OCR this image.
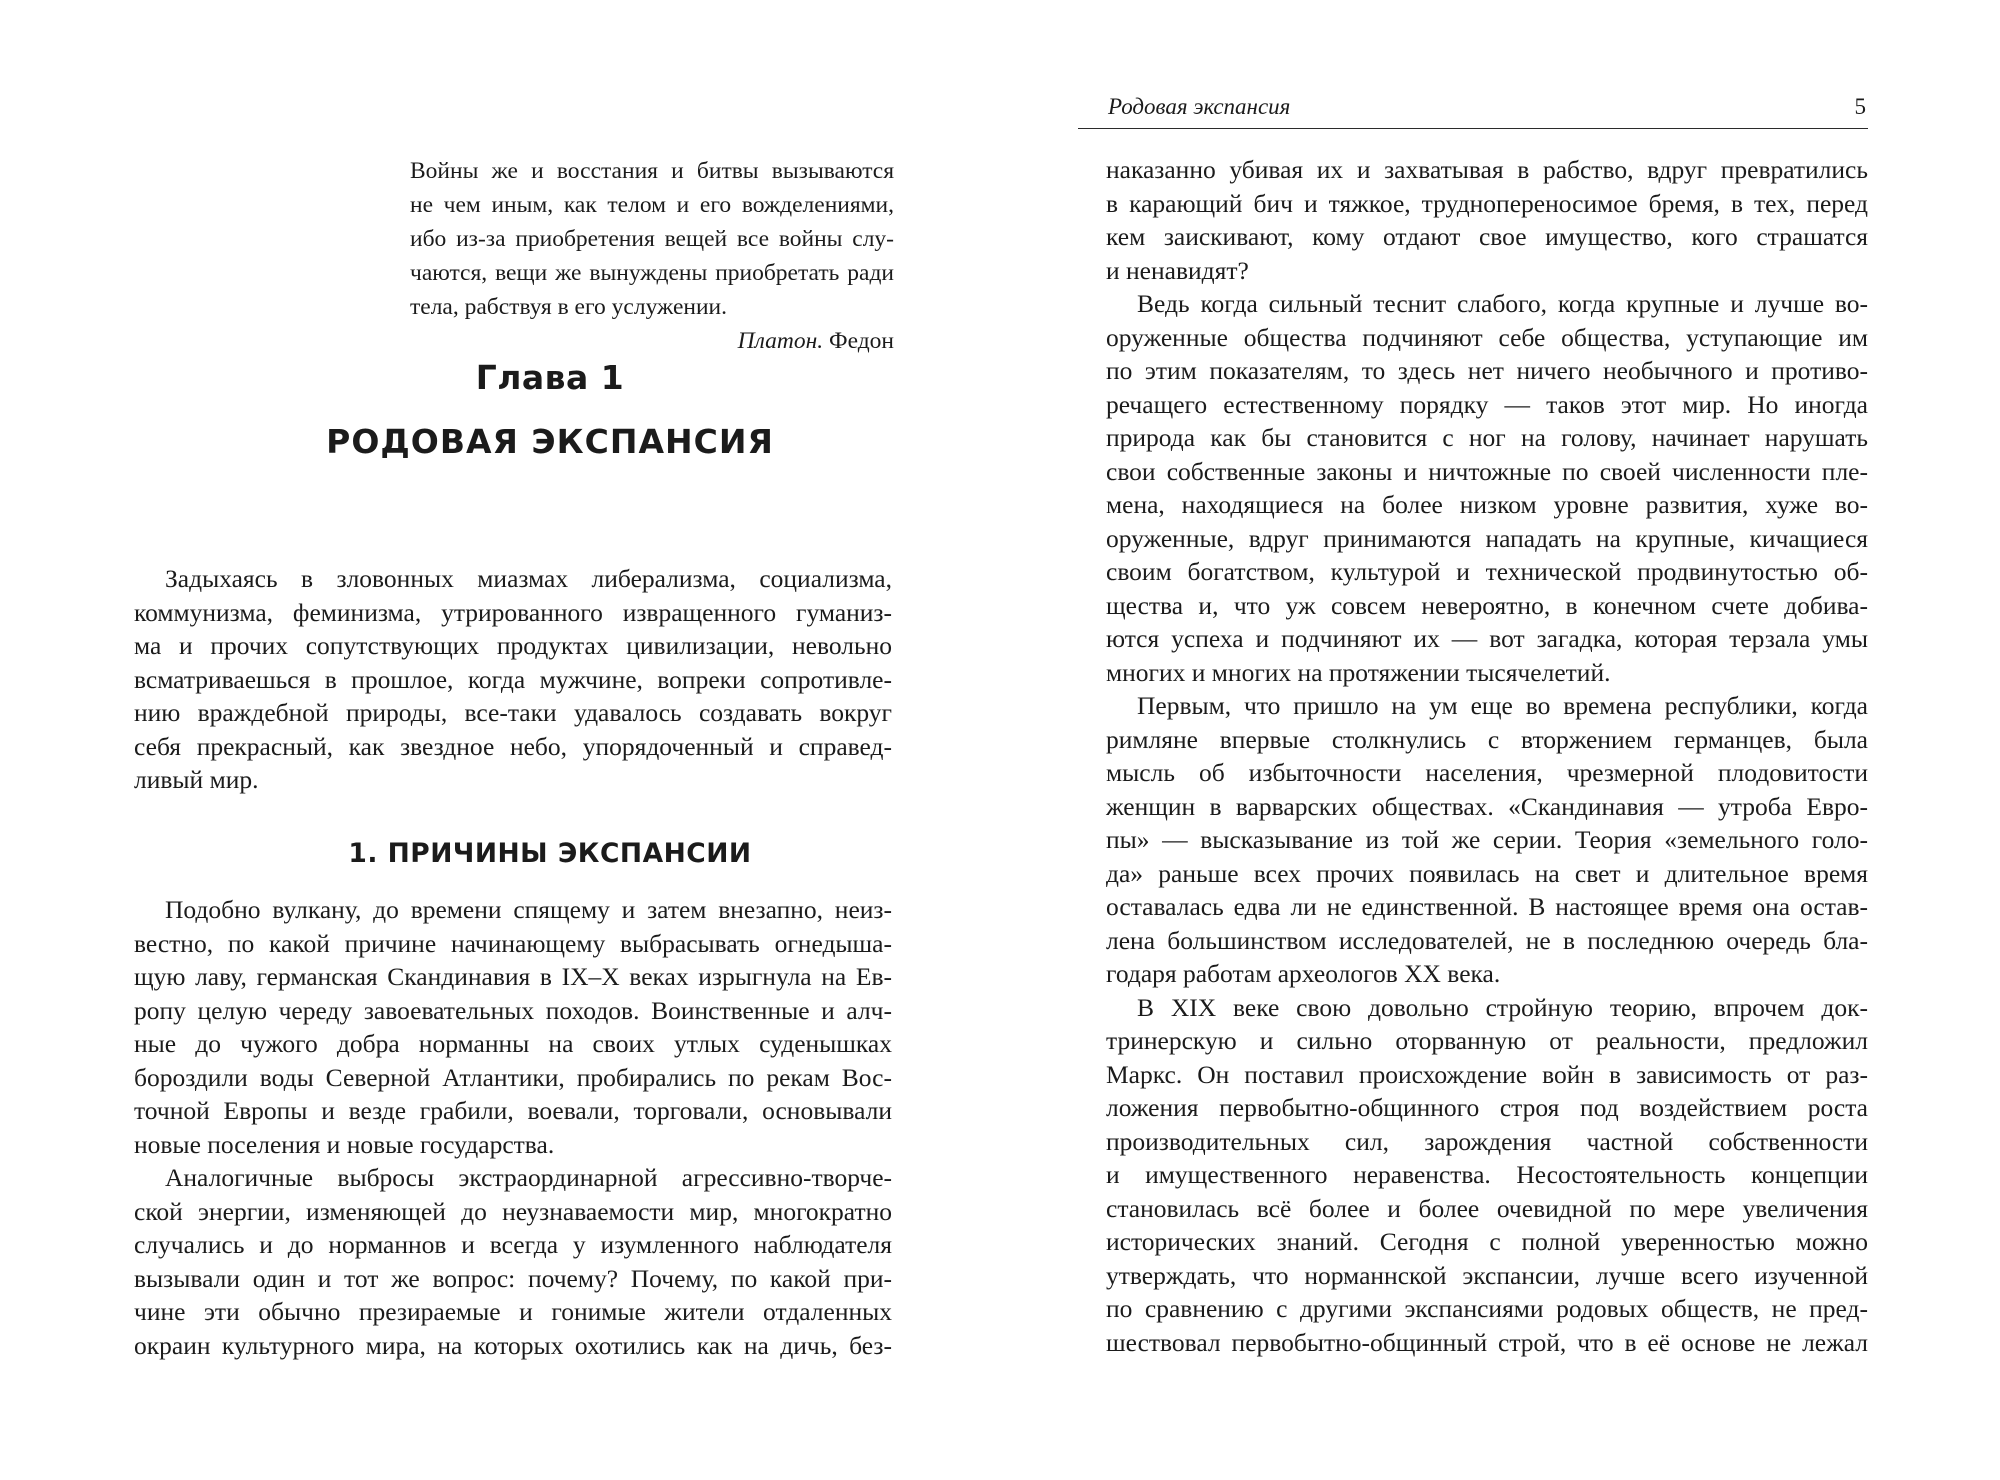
Войны же и восстания и битвы вызываются
не чем иным, как телом и его вожделениями,
ибо из-за приобретения вещей все войны слу-
чаются, вещи же вынуждены приобретать ради
тела, рабствуя в его услужении.
Платон. Федон
Глава 1
РОДОВАЯ ЭКСПАНСИЯ
Задыхаясь в зловонных миазмах либерализма, социализма,
коммунизма, феминизма, утрированного извращенного гуманиз-
ма и прочих сопутствующих продуктах цивилизации, невольно
всматриваешься в прошлое, когда мужчине, вопреки сопротивле-
нию враждебной природы, все-таки удавалось создавать вокруг
себя прекрасный, как звездное небо, упорядоченный и справед-
ливый мир.
1. ПРИЧИНЫ ЭКСПАНСИИ
Подобно вулкану, до времени спящему и затем внезапно, неиз-
вестно, по какой причине начинающему выбрасывать огнедыша-
щую лаву, германская Скандинавия в IX–X веках изрыгнула на Ев-
ропу целую череду завоевательных походов. Воинственные и алч-
ные до чужого добра норманны на своих утлых суденышках
бороздили воды Северной Атлантики, пробирались по рекам Вос-
точной Европы и везде грабили, воевали, торговали, основывали
новые поселения и новые государства.
Аналогичные выбросы экстраординарной агрессивно-творче-
ской энергии, изменяющей до неузнаваемости мир, многократно
случались и до норманнов и всегда у изумленного наблюдателя
вызывали один и тот же вопрос: почему? Почему, по какой при-
чине эти обычно презираемые и гонимые жители отдаленных
окраин культурного мира, на которых охотились как на дичь, без-
Родовая экспансия	5
наказанно убивая их и захватывая в рабство, вдруг превратились
в карающий бич и тяжкое, труднопереносимое бремя, в тех, перед
кем заискивают, кому отдают свое имущество, кого страшатся
и ненавидят?
Ведь когда сильный теснит слабого, когда крупные и лучше во-
оруженные общества подчиняют себе общества, уступающие им
по этим показателям, то здесь нет ничего необычного и противо-
речащего естественному порядку — таков этот мир. Но иногда
природа как бы становится с ног на голову, начинает нарушать
свои собственные законы и ничтожные по своей численности пле-
мена, находящиеся на более низком уровне развития, хуже во-
оруженные, вдруг принимаются нападать на крупные, кичащиеся
своим богатством, культурой и технической продвинутостью об-
щества и, что уж совсем невероятно, в конечном счете добива-
ются успеха и подчиняют их — вот загадка, которая терзала умы
многих и многих на протяжении тысячелетий.
Первым, что пришло на ум еще во времена республики, когда
римляне впервые столкнулись с вторжением германцев, была
мысль об избыточности населения, чрезмерной плодовитости
женщин в варварских обществах. «Скандинавия — утроба Евро-
пы» — высказывание из той же серии. Теория «земельного голо-
да» раньше всех прочих появилась на свет и длительное время
оставалась едва ли не единственной. В настоящее время она остав-
лена большинством исследователей, не в последнюю очередь бла-
годаря работам археологов XX века.
В XIX веке свою довольно стройную теорию, впрочем док-
тринерскую и сильно оторванную от реальности, предложил
Маркс. Он поставил происхождение войн в зависимость от раз-
ложения первобытно-общинного строя под воздействием роста
производительных сил, зарождения частной собственности
и имущественного неравенства. Несостоятельность концепции
становилась всё более и более очевидной по мере увеличения
исторических знаний. Сегодня с полной уверенностью можно
утверждать, что норманнской экспансии, лучше всего изученной
по сравнению с другими экспансиями родовых обществ, не пред-
шествовал первобытно-общинный строй, что в её основе не лежал
